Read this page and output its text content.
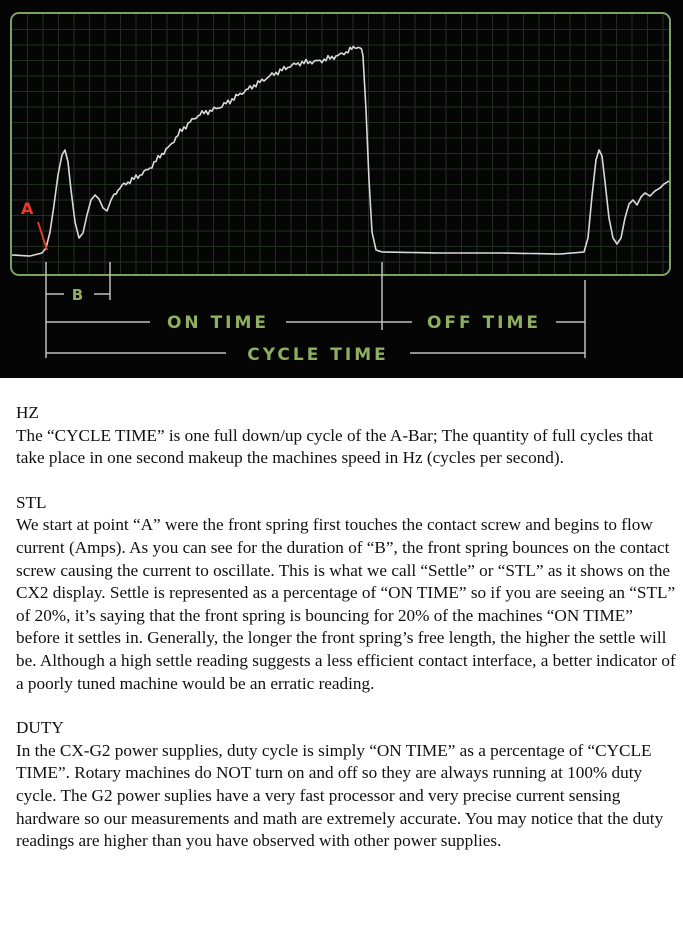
A
B
ON TIME	OFF TIME
CYCLE TIME
HZ

The “CYCLE TIME” is one full down/up cycle of the A-Bar; The quantity of full cycles that take place in one second makeup the machines speed in Hz (cycles per second).

STL

We start at point “A” were the front spring first touches the contact screw and begins to flow current (Amps). As you can see for the duration of “B”, the front spring bounces on the contact screw causing the current to oscillate. This is what we call “Settle” or “STL” as it shows on the CX2 display. Settle is represented as a percentage of “ON TIME” so if you are seeing an “STL” of 20%, it’s saying that the front spring is bouncing for 20% of the machines “ON TIME” before it settles in. Generally, the longer the front spring’s free length, the higher the settle will be. Although a high settle reading suggests a less efficient contact interface, a better indicator of a poorly tuned machine would be an erratic reading.

DUTY

In the CX-G2 power supplies, duty cycle is simply “ON TIME” as a percentage of “CYCLE TIME”. Rotary machines do NOT turn on and off so they are always running at 100% duty cycle. The G2 power suplies have a very fast processor and very precise current sensing hardware so our measurements and math are extremely accurate. You may notice that the duty readings are higher than you have observed with other power supplies.
